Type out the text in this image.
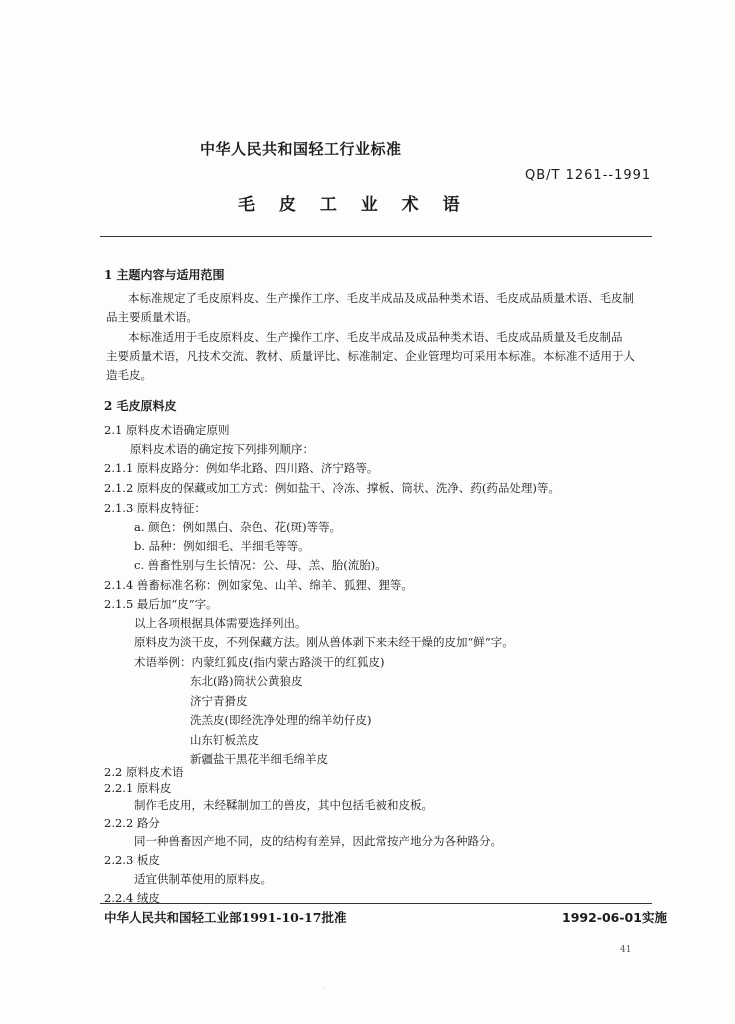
中华人民共和国轻工行业标准
QB/T 1261--1991
毛 皮 工 业 术 语
1 主题内容与适用范围
本标准规定了毛皮原料皮、生产操作工序、毛皮半成品及成品种类术语、毛皮成品质量术语、毛皮制
品主要质量术语。
本标准适用于毛皮原料皮、生产操作工序、毛皮半成品及成品种类术语、毛皮成品质量及毛皮制品
主要质量术语，凡技术交流、教材、质量评比、标准制定、企业管理均可采用本标准。本标准不适用于人
造毛皮。
2 毛皮原料皮
2.1 原料皮术语确定原则
原料皮术语的确定按下列排列顺序：
2.1.1 原料皮路分：例如华北路、四川路、济宁路等。
2.1.2 原料皮的保藏或加工方式：例如盐干、冷冻、撑板、筒状、洗净、药(药品处理)等。
2.1.3 原料皮特征：
a. 颜色：例如黑白、杂色、花(斑)等等。
b. 品种：例如细毛、半细毛等等。
c. 兽畜性别与生长情况：公、母、羔、胎(流胎)。
2.1.4 兽畜标准名称：例如家兔、山羊、绵羊、狐狸、狸等。
2.1.5 最后加“皮”字。
以上各项根据具体需要选择列出。
原料皮为淡干皮，不列保藏方法。刚从兽体剥下来未经干燥的皮加“鲜”字。
术语举例：内蒙红狐皮(指内蒙古路淡干的红狐皮)
东北(路)筒状公黄狼皮
济宁青猾皮
洗羔皮(即经洗净处理的绵羊幼仔皮)
山东钉板羔皮
新疆盐干黑花半细毛绵羊皮
2.2 原料皮术语
2.2.1 原料皮
制作毛皮用，未经鞣制加工的兽皮，其中包括毛被和皮板。
2.2.2 路分
同一种兽畜因产地不同，皮的结构有差异，因此常按产地分为各种路分。
2.2.3 板皮
适宜供制革使用的原料皮。
中华人民共和国轻工业部1991-10-17批准	1992-06-01实施
41
·
2.2.4 绒皮
